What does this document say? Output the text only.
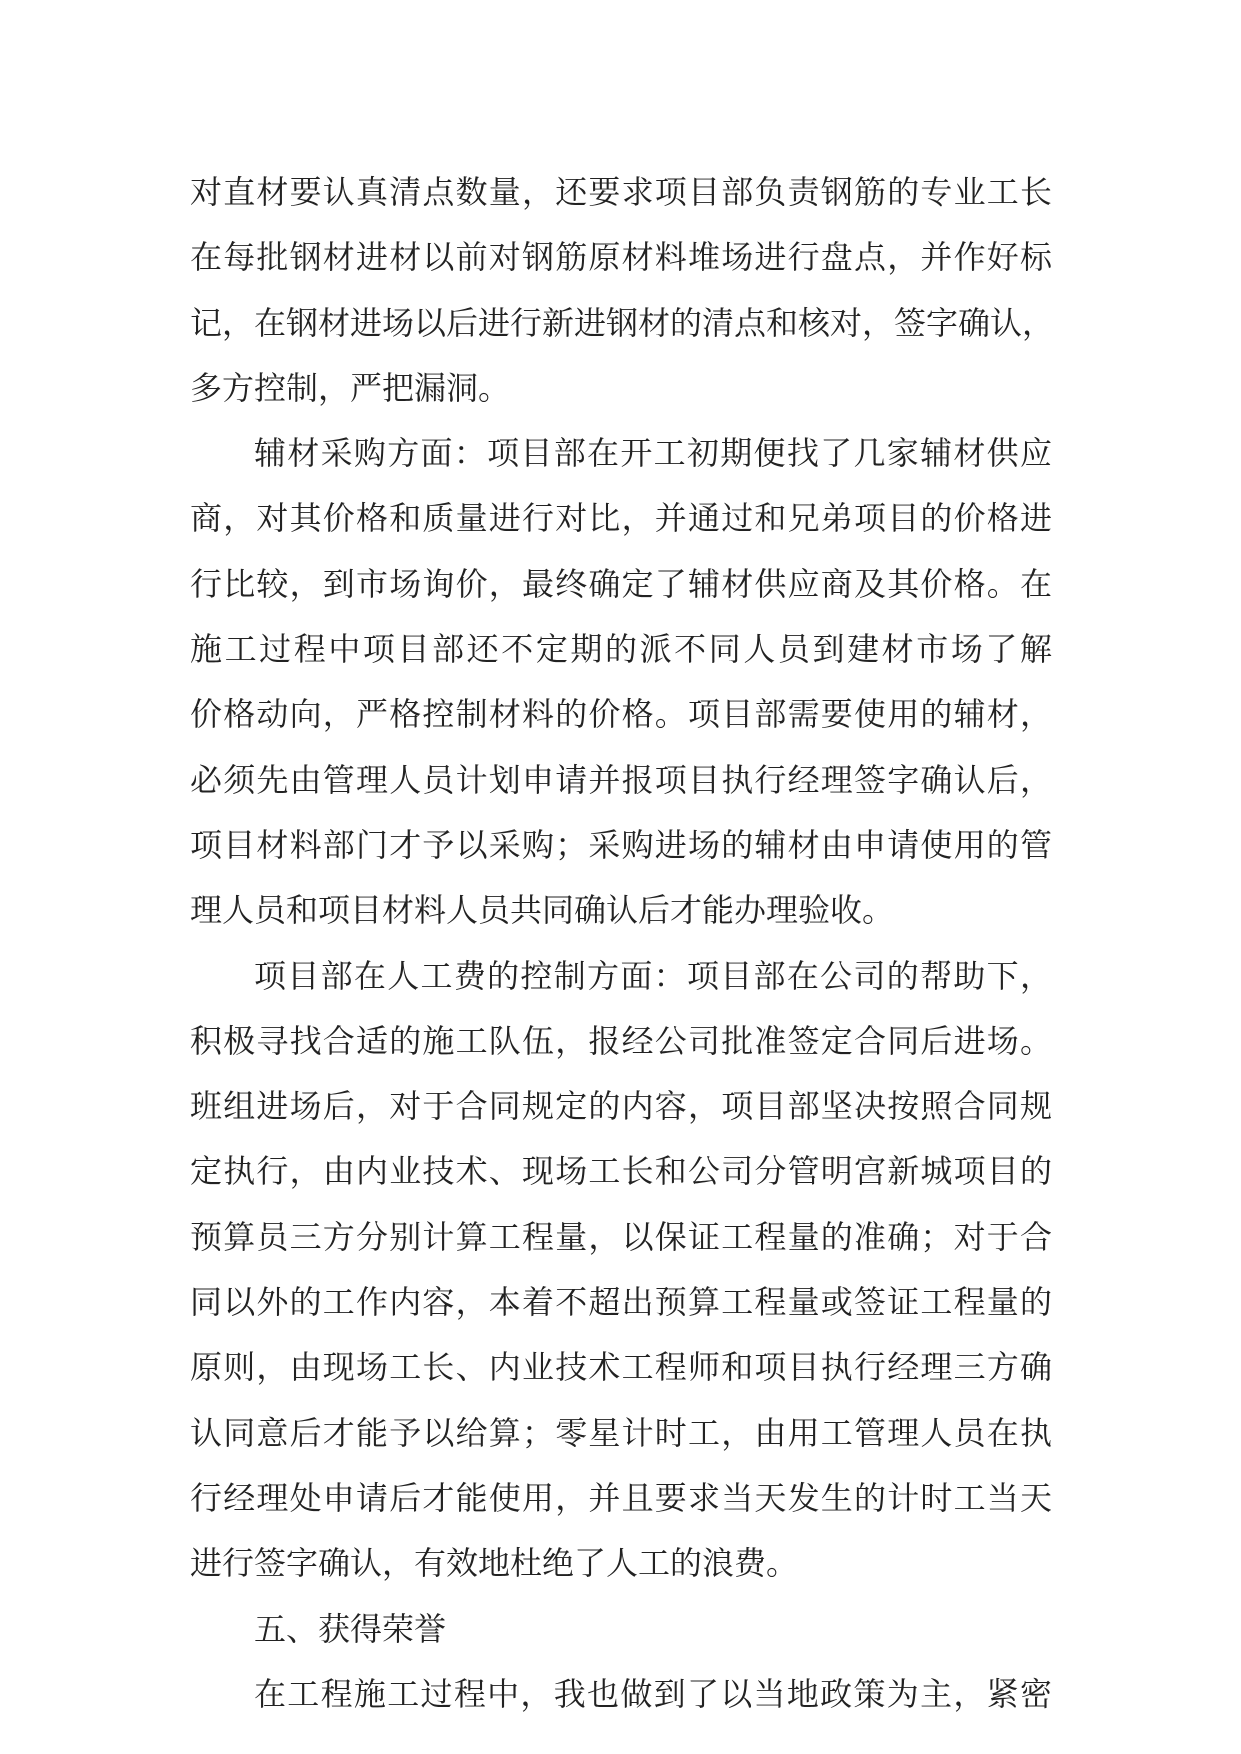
对直材要认真清点数量，还要求项目部负责钢筋的专业工长
在每批钢材进材以前对钢筋原材料堆场进行盘点，并作好标
记，在钢材进场以后进行新进钢材的清点和核对，签字确认，
多方控制，严把漏洞。
辅材采购方面：项目部在开工初期便找了几家辅材供应
商，对其价格和质量进行对比，并通过和兄弟项目的价格进
行比较，到市场询价，最终确定了辅材供应商及其价格。在
施工过程中项目部还不定期的派不同人员到建材市场了解
价格动向，严格控制材料的价格。项目部需要使用的辅材，
必须先由管理人员计划申请并报项目执行经理签字确认后，
项目材料部门才予以采购；采购进场的辅材由申请使用的管
理人员和项目材料人员共同确认后才能办理验收。
项目部在人工费的控制方面：项目部在公司的帮助下，
积极寻找合适的施工队伍，报经公司批准签定合同后进场。
班组进场后，对于合同规定的内容，项目部坚决按照合同规
定执行，由内业技术、现场工长和公司分管明宫新城项目的
预算员三方分别计算工程量，以保证工程量的准确；对于合
同以外的工作内容，本着不超出预算工程量或签证工程量的
原则，由现场工长、内业技术工程师和项目执行经理三方确
认同意后才能予以给算；零星计时工，由用工管理人员在执
行经理处申请后才能使用，并且要求当天发生的计时工当天
进行签字确认，有效地杜绝了人工的浪费。
五、获得荣誉
在工程施工过程中，我也做到了以当地政策为主，紧密
